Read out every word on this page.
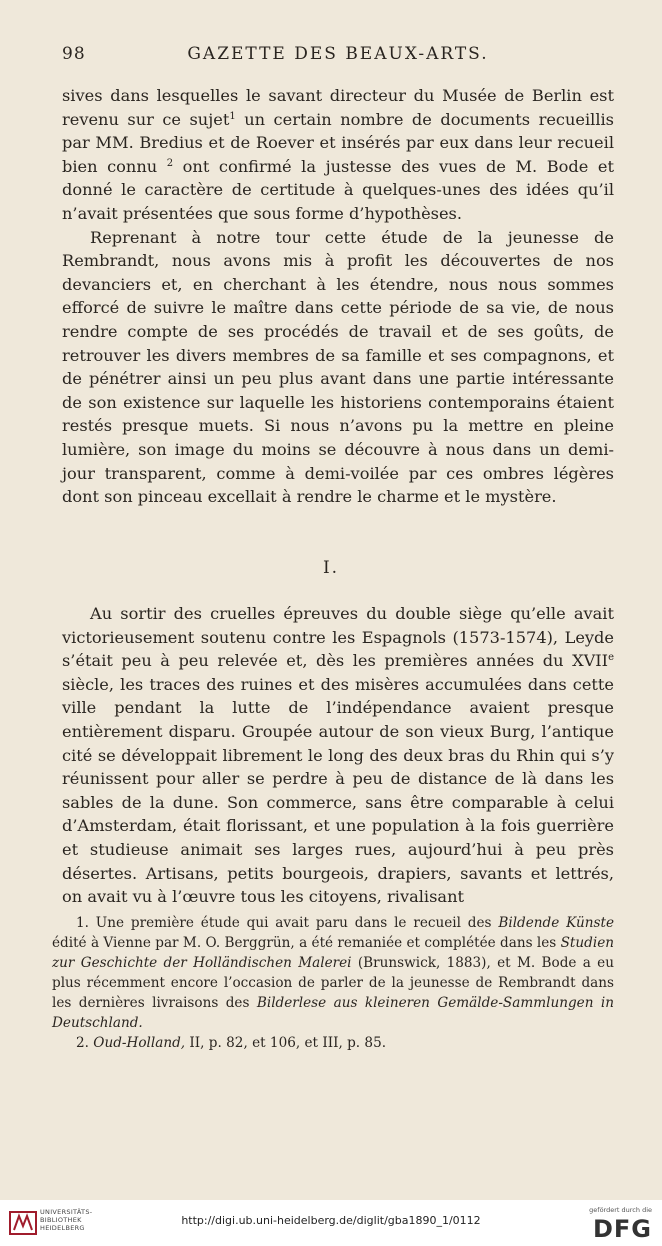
98	GAZETTE DES BEAUX-ARTS.

sives dans lesquelles le savant directeur du Musée de Berlin est revenu sur ce sujet$^1$ un certain nombre de documents recueillis par MM. Bredius et de Roever et insérés par eux dans leur recueil bien connu $^2$ ont confirmé la justesse des vues de M. Bode et donné le caractère de certitude à quelques-unes des idées qu’il n’avait présentées que sous forme d’hypothèses.

Reprenant à notre tour cette étude de la jeunesse de Rembrandt, nous avons mis à profit les découvertes de nos devanciers et, en cherchant à les étendre, nous nous sommes efforcé de suivre le maître dans cette période de sa vie, de nous rendre compte de ses procédés de travail et de ses goûts, de retrouver les divers membres de sa famille et ses compagnons, et de pénétrer ainsi un peu plus avant dans une partie intéressante de son existence sur laquelle les historiens contemporains étaient restés presque muets. Si nous n’avons pu la mettre en pleine lumière, son image du moins se découvre à nous dans un demi-jour transparent, comme à demi-voilée par ces ombres légères dont son pinceau excellait à rendre le charme et le mystère.

I.

Au sortir des cruelles épreuves du double siège qu’elle avait victorieusement soutenu contre les Espagnols (1573-1574), Leyde s’était peu à peu relevée et, dès les premières années du XVIIe siècle, les traces des ruines et des misères accumulées dans cette ville pendant la lutte de l’indépendance avaient presque entièrement disparu. Groupée autour de son vieux Burg, l’antique cité se développait librement le long des deux bras du Rhin qui s’y réunissent pour aller se perdre à peu de distance de là dans les sables de la dune. Son commerce, sans être comparable à celui d’Amsterdam, était florissant, et une population à la fois guerrière et studieuse animait ses larges rues, aujourd’hui à peu près désertes. Artisans, petits bourgeois, drapiers, savants et lettrés, on avait vu à l’œuvre tous les citoyens, rivalisant

1. Une première étude qui avait paru dans le recueil des Bildende Künste édité à Vienne par M. O. Berggrün, a été remaniée et complétée dans les Studien zur Geschichte der Holländischen Malerei (Brunswick, 1883), et M. Bode a eu plus récemment encore l’occasion de parler de la jeunesse de Rembrandt dans les dernières livraisons des Bilderlese aus kleineren Gemälde-Sammlungen in Deutschland.

2. Oud-Holland, II, p. 82, et 106, et III, p. 85.

UNIVERSITÄTS-
BIBLIOTHEK
HEIDELBERG
http://digi.ub.uni-heidelberg.de/diglit/gba1890_1/0112
gefördert durch die
DFG
